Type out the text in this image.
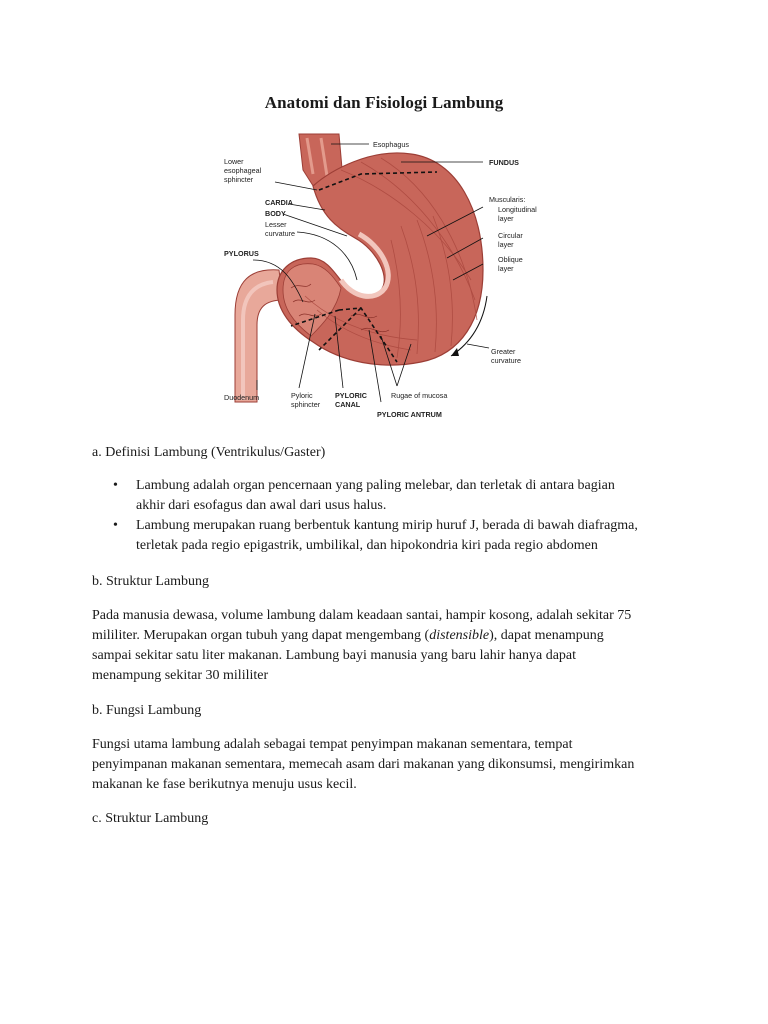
Anatomi dan Fisiologi Lambung
Esophagus
FUNDUS
Lower
esophageal
sphincter
CARDIA
BODY
Lesser
curvature
Muscularis:
Longitudinal
layer
Circular
layer
Oblique
layer
PYLORUS
Greater
curvature
Duodenum	Pyloric
sphincter
PYLORIC
CANAL
Rugae of mucosa
PYLORIC ANTRUM
a. Definisi Lambung (Ventrikulus/Gaster)
• Lambung adalah organ pencernaan yang paling melebar, dan terletak di antara bagian
akhir dari esofagus dan awal dari usus halus.
• Lambung merupakan ruang berbentuk kantung mirip huruf J, berada di bawah diafragma,
terletak pada regio epigastrik, umbilikal, dan hipokondria kiri pada regio abdomen
b. Struktur Lambung
Pada manusia dewasa, volume lambung dalam keadaan santai, hampir kosong, adalah sekitar 75
mililiter. Merupakan organ tubuh yang dapat mengembang (distensible), dapat menampung
sampai sekitar satu liter makanan. Lambung bayi manusia yang baru lahir hanya dapat
menampung sekitar 30 mililiter
b. Fungsi Lambung
Fungsi utama lambung adalah sebagai tempat penyimpan makanan sementara, tempat
penyimpanan makanan sementara, memecah asam dari makanan yang dikonsumsi, mengirimkan
makanan ke fase berikutnya menuju usus kecil.
c. Struktur Lambung
